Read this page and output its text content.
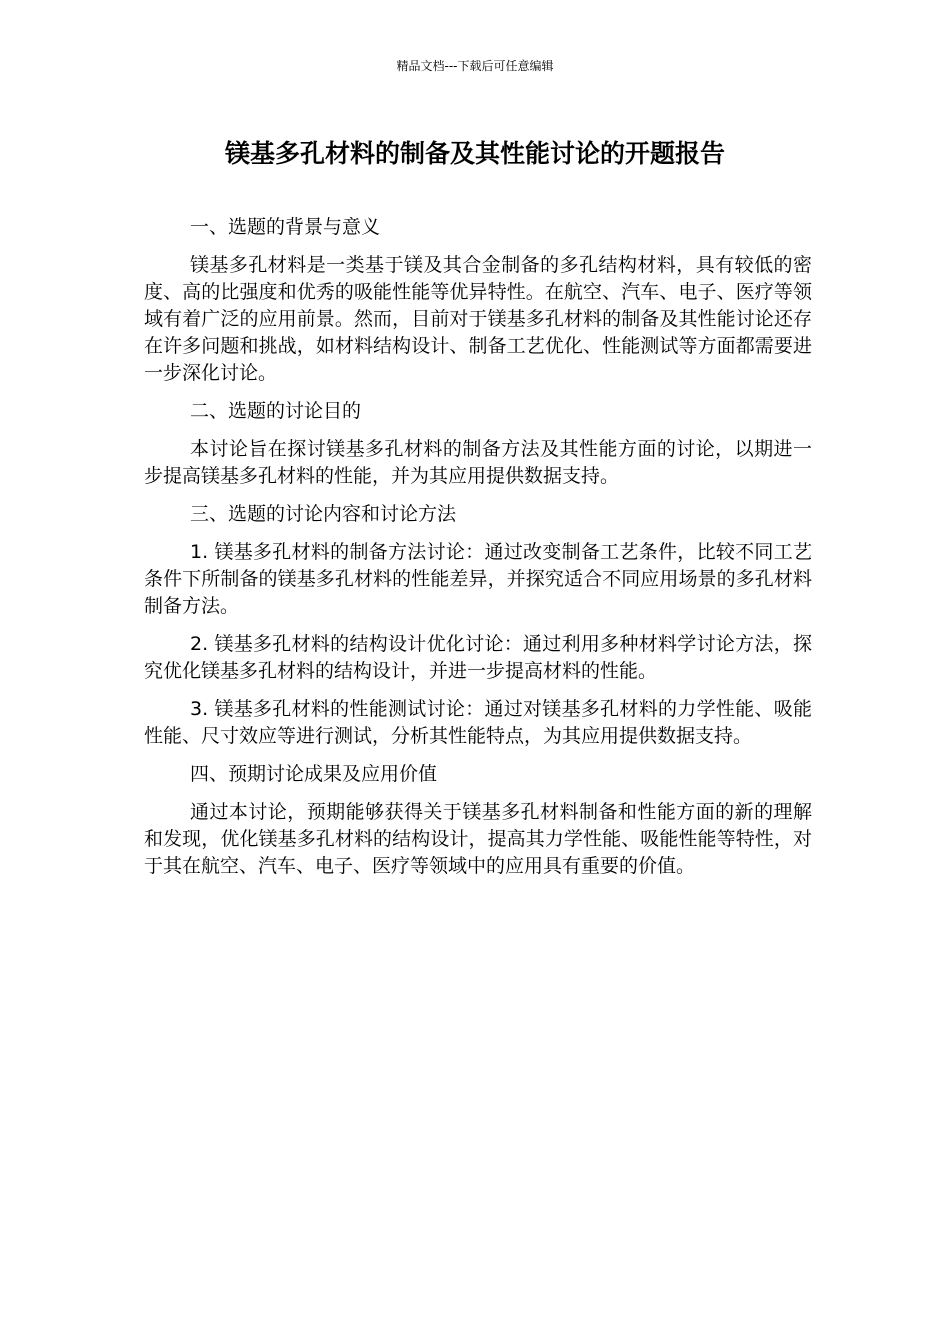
精品文档---下载后可任意编辑
镁基多孔材料的制备及其性能讨论的开题报告

一、选题的背景与意义

镁基多孔材料是一类基于镁及其合金制备的多孔结构材料，具有较低的密度、高的比强度和优秀的吸能性能等优异特性。在航空、汽车、电子、医疗等领域有着广泛的应用前景。然而，目前对于镁基多孔材料的制备及其性能讨论还存在许多问题和挑战，如材料结构设计、制备工艺优化、性能测试等方面都需要进一步深化讨论。

二、选题的讨论目的

本讨论旨在探讨镁基多孔材料的制备方法及其性能方面的讨论，以期进一步提高镁基多孔材料的性能，并为其应用提供数据支持。

三、选题的讨论内容和讨论方法

1. 镁基多孔材料的制备方法讨论：通过改变制备工艺条件，比较不同工艺条件下所制备的镁基多孔材料的性能差异，并探究适合不同应用场景的多孔材料制备方法。

2. 镁基多孔材料的结构设计优化讨论：通过利用多种材料学讨论方法，探究优化镁基多孔材料的结构设计，并进一步提高材料的性能。

3. 镁基多孔材料的性能测试讨论：通过对镁基多孔材料的力学性能、吸能性能、尺寸效应等进行测试，分析其性能特点，为其应用提供数据支持。

四、预期讨论成果及应用价值

通过本讨论，预期能够获得关于镁基多孔材料制备和性能方面的新的理解和发现，优化镁基多孔材料的结构设计，提高其力学性能、吸能性能等特性，对于其在航空、汽车、电子、医疗等领域中的应用具有重要的价值。
